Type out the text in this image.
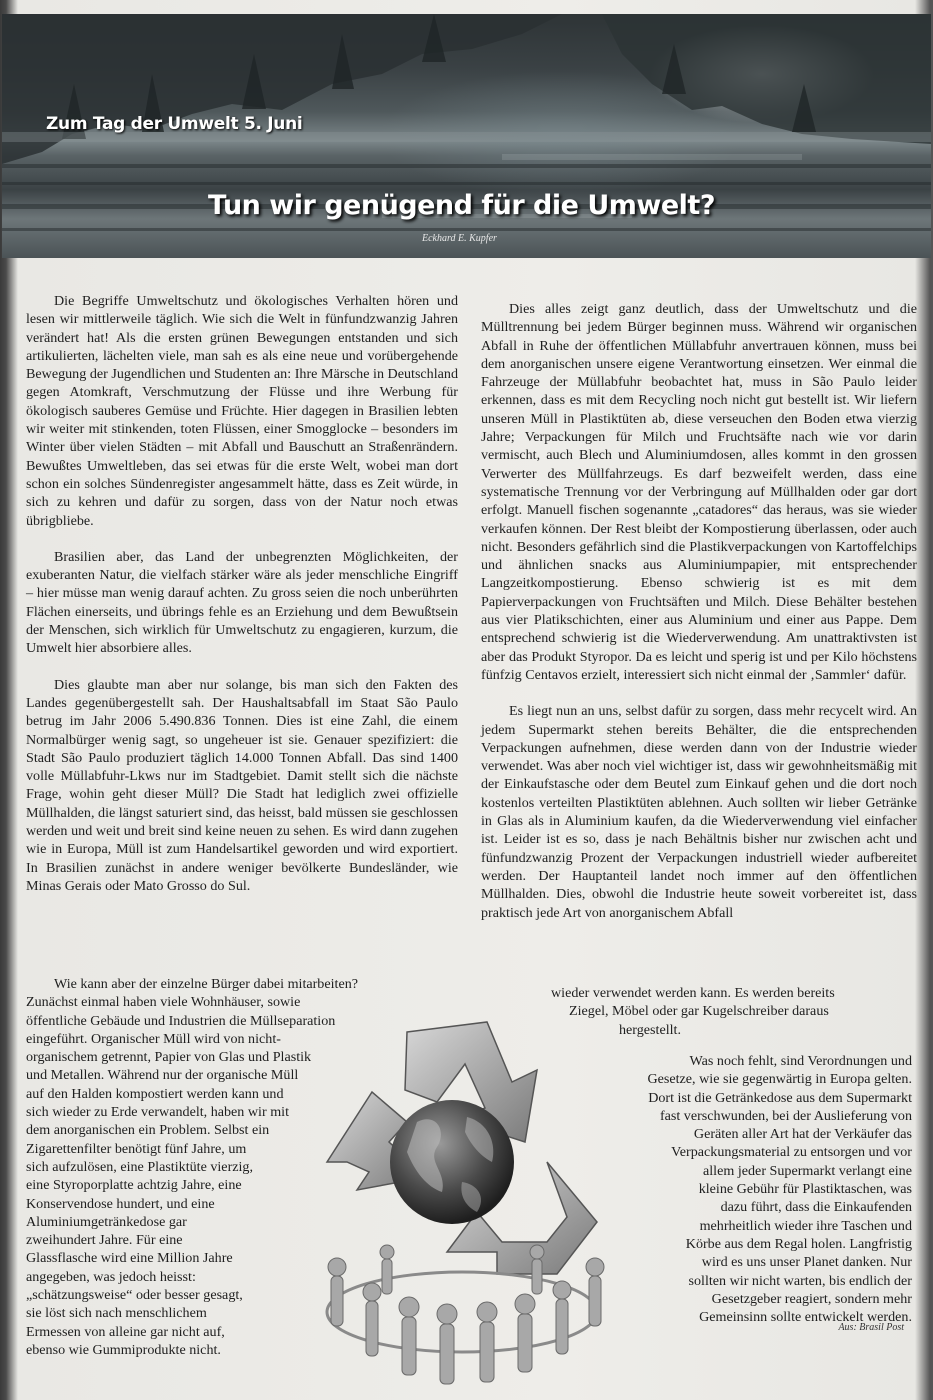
Zum Tag der Umwelt 5. Juni
Tun wir genügend für die Umwelt?
Eckhard E. Kupfer

Die Begriffe Umweltschutz und ökologisches Verhalten hören und lesen wir mittlerweile täglich. Wie sich die Welt in fünfundzwanzig Jahren verändert hat! Als die ersten grünen Bewegungen entstanden und sich artikulierten, lächelten viele, man sah es als eine neue und vorübergehende Bewegung der Jugendlichen und Studenten an: Ihre Märsche in Deutschland gegen Atomkraft, Verschmutzung der Flüsse und ihre Werbung für ökologisch sauberes Gemüse und Früchte. Hier dagegen in Brasilien lebten wir weiter mit stinkenden, toten Flüssen, einer Smogglocke – besonders im Winter über vielen Städten – mit Abfall und Bauschutt an Straßenrändern. Bewußtes Umweltleben, das sei etwas für die erste Welt, wobei man dort schon ein solches Sündenregister angesammelt hätte, dass es Zeit würde, in sich zu kehren und dafür zu sorgen, dass von der Natur noch etwas übrigbliebe.

Brasilien aber, das Land der unbegrenzten Möglichkeiten, der exuberanten Natur, die vielfach stärker wäre als jeder menschliche Eingriff – hier müsse man wenig darauf achten. Zu gross seien die noch unberührten Flächen einerseits, und übrings fehle es an Erziehung und dem Bewußtsein der Menschen, sich wirklich für Umweltschutz zu engagieren, kurzum, die Umwelt hier absorbiere alles.

Dies glaubte man aber nur solange, bis man sich den Fakten des Landes gegenübergestellt sah. Der Haushaltsabfall im Staat São Paulo betrug im Jahr 2006 5.490.836 Tonnen. Dies ist eine Zahl, die einem Normalbürger wenig sagt, so ungeheuer ist sie. Genauer spezifiziert: die Stadt São Paulo produziert täglich 14.000 Tonnen Abfall. Das sind 1400 volle Müllabfuhr-Lkws nur im Stadtgebiet. Damit stellt sich die nächste Frage, wohin geht dieser Müll? Die Stadt hat lediglich zwei offizielle Müllhalden, die längst saturiert sind, das heisst, bald müssen sie geschlossen werden und weit und breit sind keine neuen zu sehen. Es wird dann zugehen wie in Europa, Müll ist zum Handelsartikel geworden und wird exportiert. In Brasilien zunächst in andere weniger bevölkerte Bundesländer, wie Minas Gerais oder Mato Grosso do Sul.

Wie kann aber der einzelne Bürger dabei mitarbeiten?
Zunächst einmal haben viele Wohnhäuser, sowie
öffentliche Gebäude und Industrien die Müllseparation
eingeführt. Organischer Müll wird von nicht-
organischem getrennt, Papier von Glas und Plastik
und Metallen. Während nur der organische Müll
auf den Halden kompostiert werden kann und
sich wieder zu Erde verwandelt, haben wir mit
dem anorganischen ein Problem. Selbst ein
Zigarettenfilter benötigt fünf Jahre, um
sich aufzulösen, eine Plastiktüte vierzig,
eine Styroporplatte achtzig Jahre, eine
Konservendose hundert, und eine
Aluminiumgetränkedose gar
zweihundert Jahre. Für eine
Glassflasche wird eine Million Jahre
angegeben, was jedoch heisst:
„schätzungsweise“ oder besser gesagt,
sie löst sich nach menschlichem
Ermessen von alleine gar nicht auf,
ebenso wie Gummiprodukte nicht.

Dies alles zeigt ganz deutlich, dass der Umweltschutz und die Mülltrennung bei jedem Bürger beginnen muss. Während wir organischen Abfall in Ruhe der öffentlichen Müllabfuhr anvertrauen können, muss bei dem anorganischen unsere eigene Verantwortung einsetzen. Wer einmal die Fahrzeuge der Müllabfuhr beobachtet hat, muss in São Paulo leider erkennen, dass es mit dem Recycling noch nicht gut bestellt ist. Wir liefern unseren Müll in Plastiktüten ab, diese verseuchen den Boden etwa vierzig Jahre; Verpackungen für Milch und Fruchtsäfte nach wie vor darin vermischt, auch Blech und Aluminiumdosen, alles kommt in den grossen Verwerter des Müllfahrzeugs. Es darf bezweifelt werden, dass eine systematische Trennung vor der Verbringung auf Müllhalden oder gar dort erfolgt. Manuell fischen sogenannte „catadores“ das heraus, was sie wieder verkaufen können. Der Rest bleibt der Kompostierung überlassen, oder auch nicht. Besonders gefährlich sind die Plastikverpackungen von Kartoffelchips und ähnlichen snacks aus Aluminiumpapier, mit entsprechender Langzeitkompostierung. Ebenso schwierig ist es mit dem Papierverpackungen von Fruchtsäften und Milch. Diese Behälter bestehen aus vier Platikschichten, einer aus Aluminium und einer aus Pappe. Dem entsprechend schwierig ist die Wiederverwendung. Am unattraktivsten ist aber das Produkt Styropor. Da es leicht und sperig ist und per Kilo höchstens fünfzig Centavos erzielt, interessiert sich nicht einmal der ‚Sammler‘ dafür.

Es liegt nun an uns, selbst dafür zu sorgen, dass mehr recycelt wird. An jedem Supermarkt stehen bereits Behälter, die die entsprechenden Verpackungen aufnehmen, diese werden dann von der Industrie wieder verwendet. Was aber noch viel wichtiger ist, dass wir gewohnheitsmäßig mit der Einkaufstasche oder dem Beutel zum Einkauf gehen und die dort noch kostenlos verteilten Plastiktüten ablehnen. Auch sollten wir lieber Getränke in Glas als in Aluminium kaufen, da die Wiederverwendung viel einfacher ist. Leider ist es so, dass je nach Behältnis bisher nur zwischen acht und fünfundzwanzig Prozent der Verpackungen industriell wieder aufbereitet werden. Der Hauptanteil landet noch immer auf den öffentlichen Müllhalden. Dies, obwohl die Industrie heute soweit vorbereitet ist, dass praktisch jede Art von anorganischem Abfall

wieder verwendet werden kann. Es werden bereits
Ziegel, Möbel oder gar Kugelschreiber daraus
hergestellt.
Was noch fehlt, sind Verordnungen und
Gesetze, wie sie gegenwärtig in Europa gelten.
Dort ist die Getränkedose aus dem Supermarkt
fast verschwunden, bei der Auslieferung von
Geräten aller Art hat der Verkäufer das
Verpackungsmaterial zu entsorgen und vor
allem jeder Supermarkt verlangt eine
kleine Gebühr für Plastiktaschen, was
dazu führt, dass die Einkaufenden
mehrheitlich wieder ihre Taschen und
Körbe aus dem Regal holen. Langfristig
wird es uns unser Planet danken. Nur
sollten wir nicht warten, bis endlich der
Gesetzgeber reagiert, sondern mehr
Gemeinsinn sollte entwickelt werden.
Aus: Brasil Post
